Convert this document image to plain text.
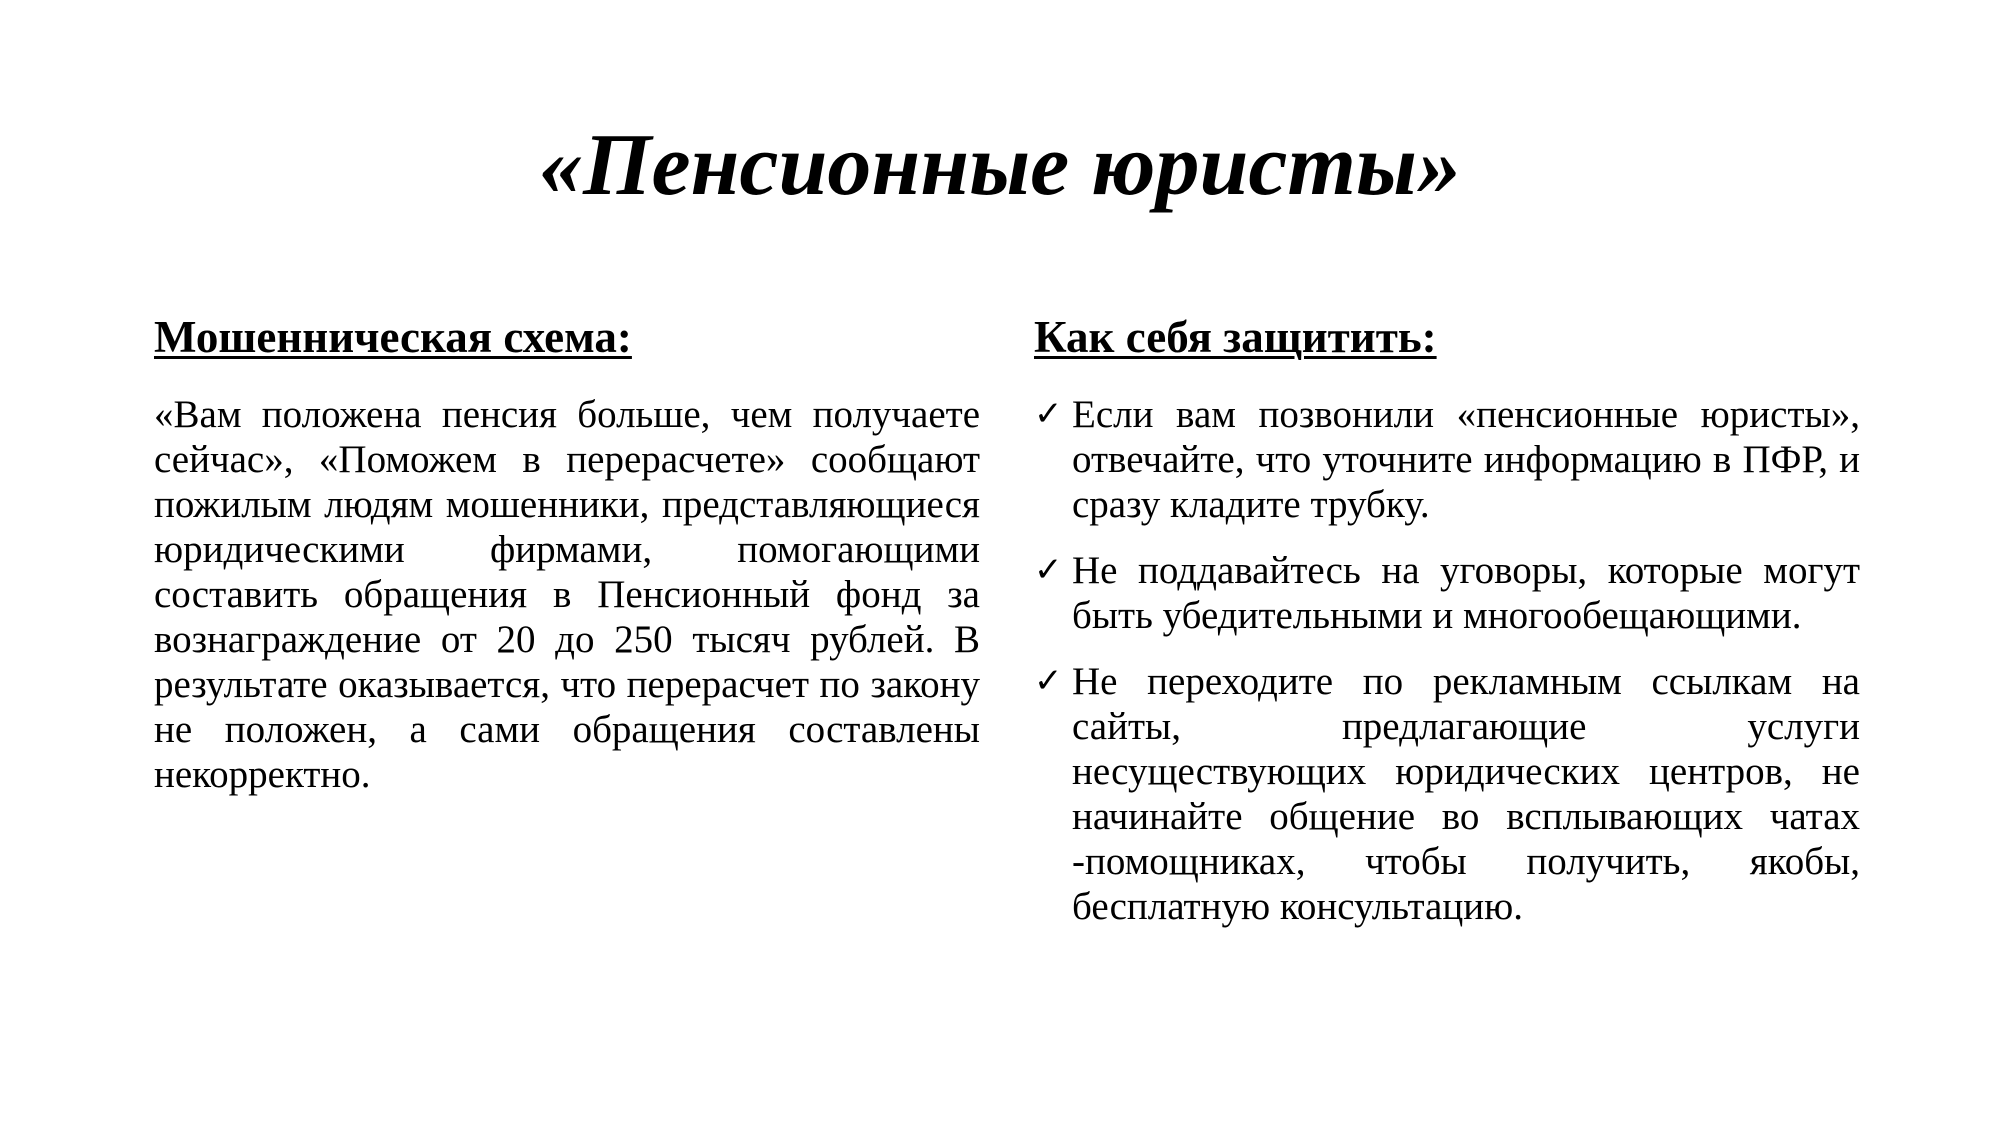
«Пенсионные юристы»
Мошенническая схема:

«Вам положена пенсия больше, чем получаете сейчас», «Поможем в перерасчете» сообщают пожилым людям мошенники, представляющиеся юридическими фирмами, помогающими составить обращения в Пенсионный фонд за вознаграждение от 20 до 250 тысяч рублей. В результате оказывается, что перерасчет по закону не положен, а сами обращения составлены некорректно.

Как себя защитить:
✓ Если вам позвонили «пенсионные юристы», отвечайте, что уточните информацию в ПФР, и сразу кладите трубку.
✓ Не поддавайтесь на уговоры, которые могут быть убедительными и многообещающими.
✓ Не переходите по рекламным ссылкам на сайты, предлагающие услуги несуществующих юридических центров, не начинайте общение во всплывающих чатах -помощниках, чтобы получить, якобы, бесплатную консультацию.
